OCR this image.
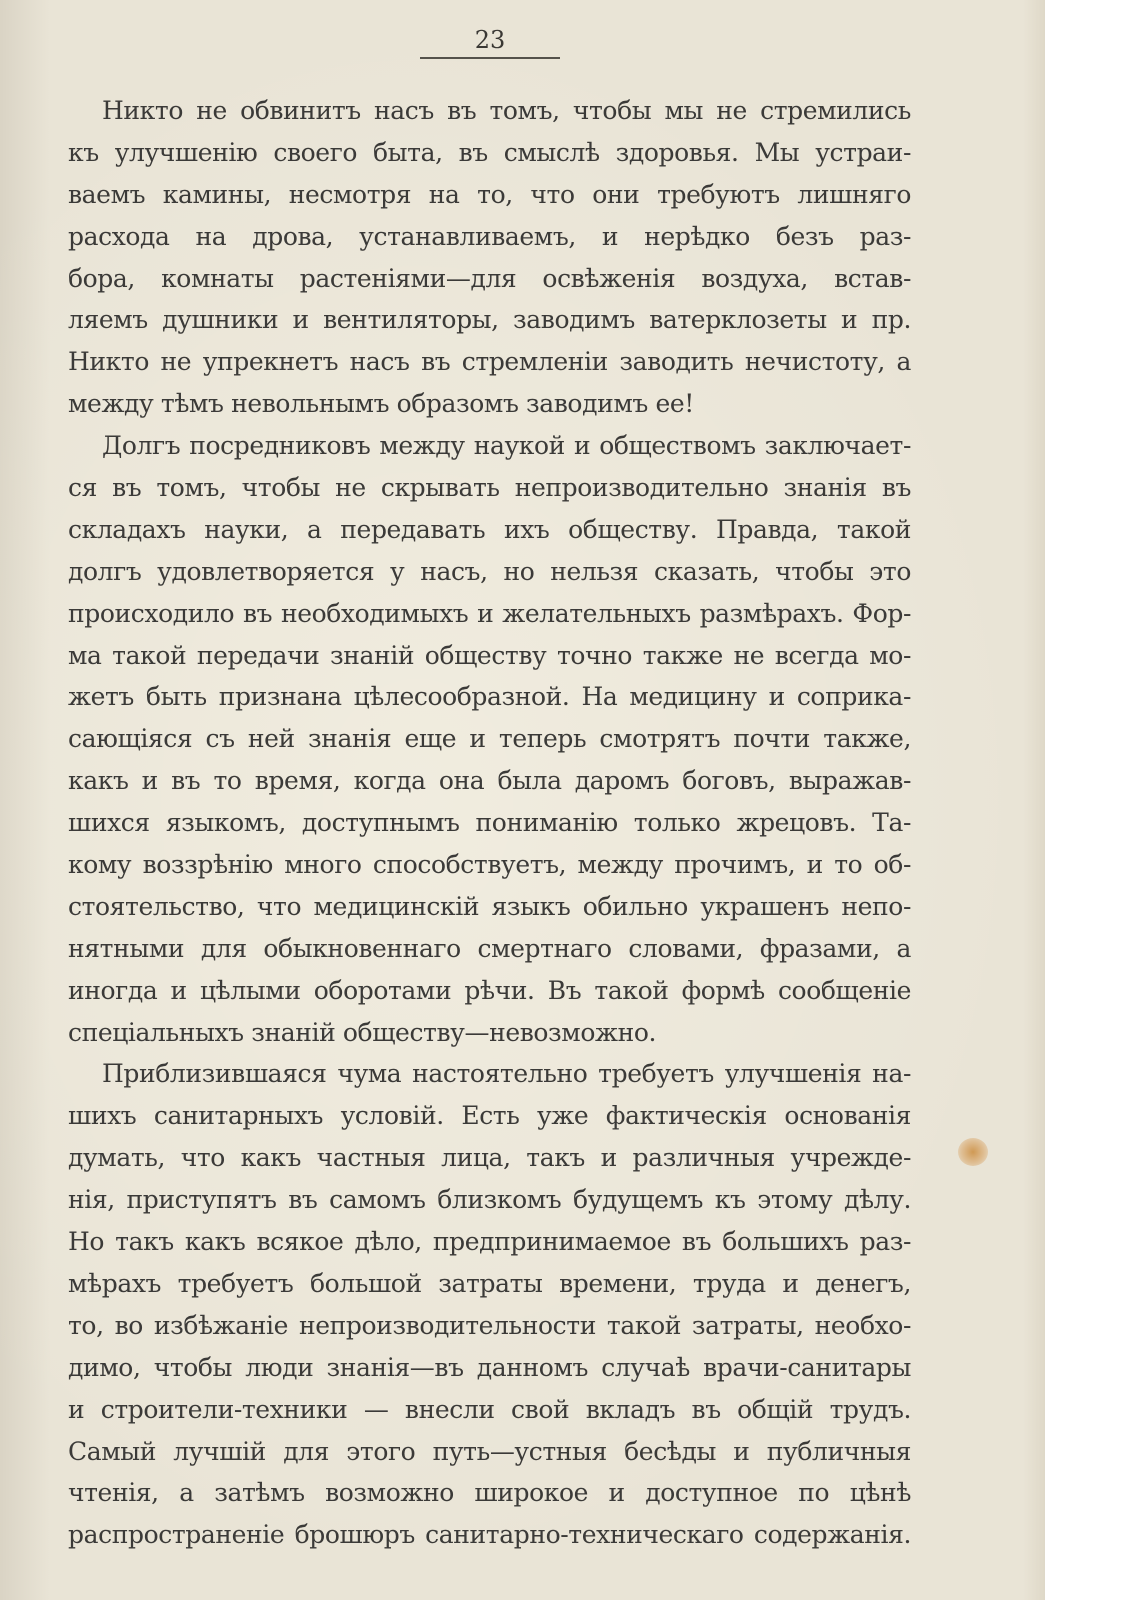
23
Никто не обвинитъ насъ въ томъ, чтобы мы не стремились
къ улучшенію своего быта, въ смыслѣ здоровья. Мы устраи-
ваемъ камины, несмотря на то, что они требуютъ лишняго
расхода на дрова, устанавливаемъ, и нерѣдко безъ раз-
бора, комнаты растеніями—для освѣженія воздуха, встав-
ляемъ душники и вентиляторы, заводимъ ватерклозеты и пр.
Никто не упрекнетъ насъ въ стремленіи заводить нечистоту, а
между тѣмъ невольнымъ образомъ заводимъ ее!
Долгъ посредниковъ между наукой и обществомъ заключает-
ся въ томъ, чтобы не скрывать непроизводительно знанія въ
складахъ науки, а передавать ихъ обществу. Правда, такой
долгъ удовлетворяется у насъ, но нельзя сказать, чтобы это
происходило въ необходимыхъ и желательныхъ размѣрахъ. Фор-
ма такой передачи знаній обществу точно также не всегда мо-
жетъ быть признана цѣлесообразной. На медицину и соприка-
сающіяся съ ней знанія еще и теперь смотрятъ почти также,
какъ и въ то время, когда она была даромъ боговъ, выражав-
шихся языкомъ, доступнымъ пониманію только жрецовъ. Та-
кому воззрѣнію много способствуетъ, между прочимъ, и то об-
стоятельство, что медицинскій языкъ обильно украшенъ непо-
нятными для обыкновеннаго смертнаго словами, фразами, а
иногда и цѣлыми оборотами рѣчи. Въ такой формѣ сообщеніе
спеціальныхъ знаній обществу—невозможно.
Приблизившаяся чума настоятельно требуетъ улучшенія на-
шихъ санитарныхъ условій. Есть уже фактическія основанія
думать, что какъ частныя лица, такъ и различныя учрежде-
нія, приступятъ въ самомъ близкомъ будущемъ къ этому дѣлу.
Но такъ какъ всякое дѣло, предпринимаемое въ большихъ раз-
мѣрахъ требуетъ большой затраты времени, труда и денегъ,
то, во избѣжаніе непроизводительности такой затраты, необхо-
димо, чтобы люди знанія—въ данномъ случаѣ врачи-санитары
и строители-техники — внесли свой вкладъ въ общій трудъ.
Самый лучшій для этого путь—устныя бесѣды и публичныя
чтенія, а затѣмъ возможно широкое и доступное по цѣнѣ
распространеніе брошюръ санитарно-техническаго содержанія.
